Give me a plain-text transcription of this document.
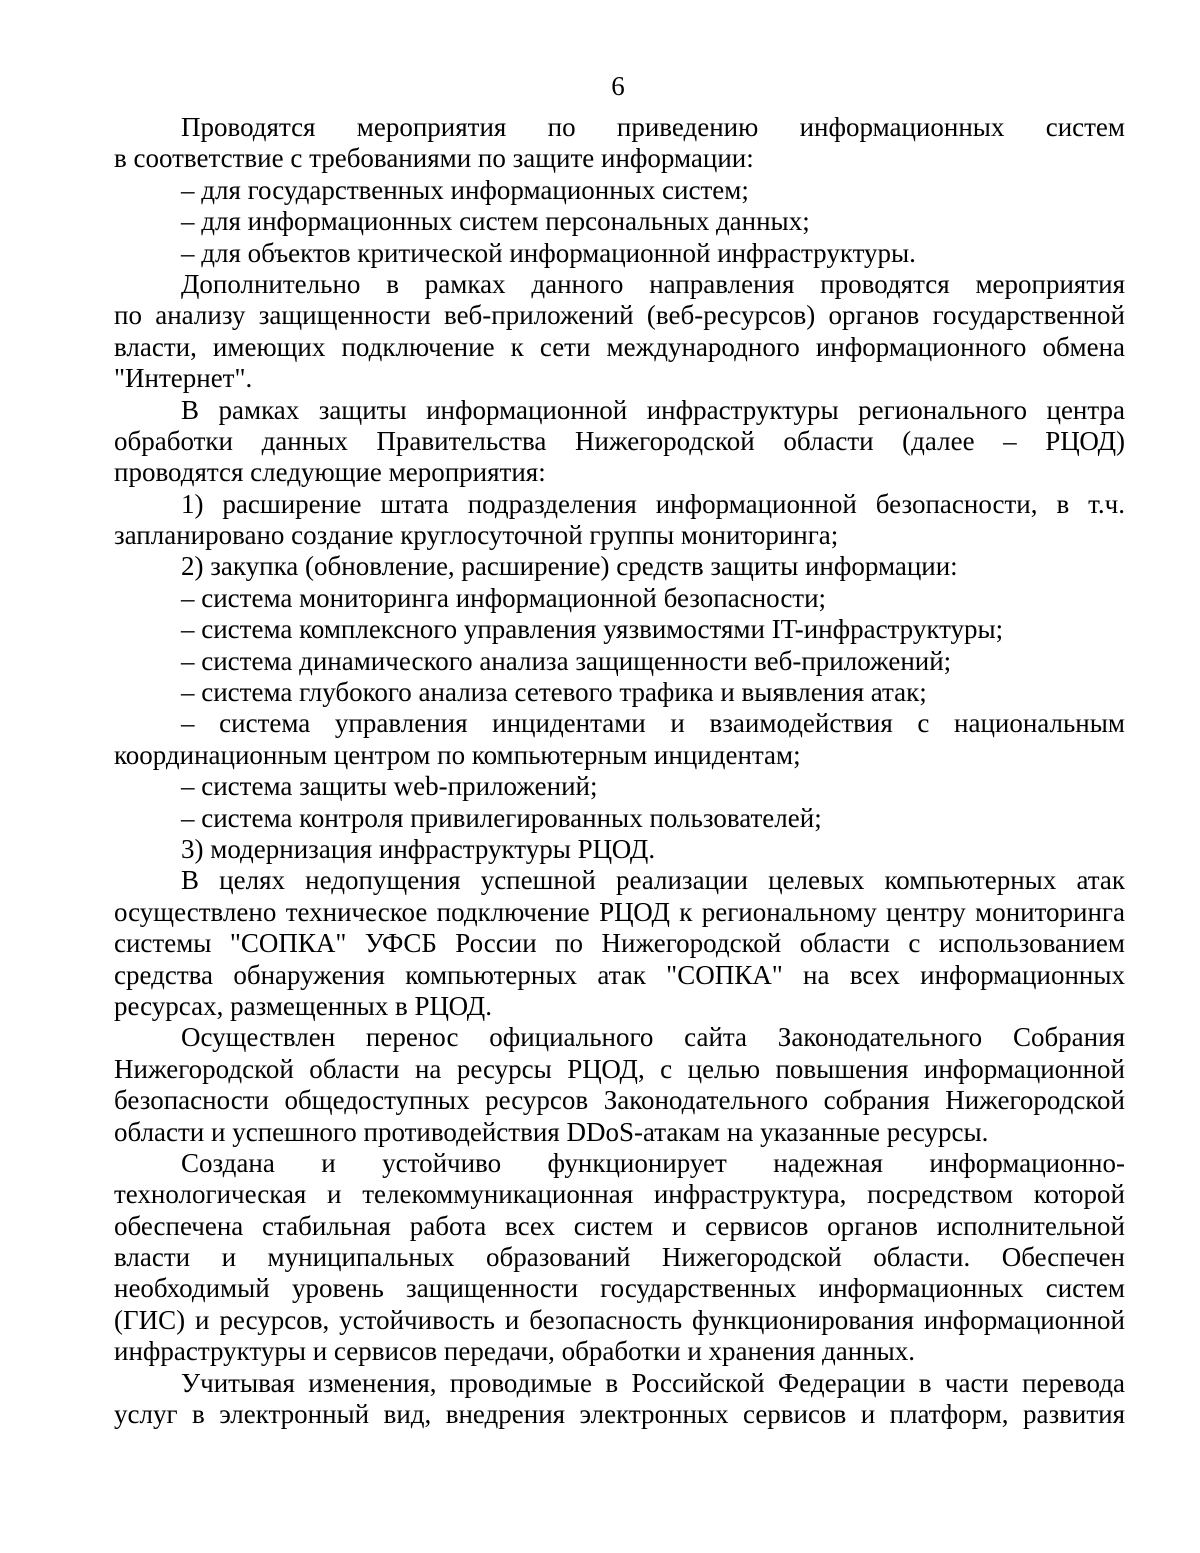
6
Проводятся мероприятия по приведению информационных систем
в соответствие с требованиями по защите информации:
– для государственных информационных систем;
– для информационных систем персональных данных;
– для объектов критической информационной инфраструктуры.
Дополнительно в рамках данного направления проводятся мероприятия
по анализу защищенности веб-приложений (веб-ресурсов) органов государственной
власти, имеющих подключение к сети международного информационного обмена
"Интернет".
В рамках защиты информационной инфраструктуры регионального центра
обработки данных Правительства Нижегородской области (далее – РЦОД)
проводятся следующие мероприятия:
1) расширение штата подразделения информационной безопасности, в т.ч.
запланировано создание круглосуточной группы мониторинга;
2) закупка (обновление, расширение) средств защиты информации:
– система мониторинга информационной безопасности;
– система комплексного управления уязвимостями IT-инфраструктуры;
– система динамического анализа защищенности веб-приложений;
– система глубокого анализа сетевого трафика и выявления атак;
– система управления инцидентами и взаимодействия с национальным
координационным центром по компьютерным инцидентам;
– система защиты web-приложений;
– система контроля привилегированных пользователей;
3) модернизация инфраструктуры РЦОД.
В целях недопущения успешной реализации целевых компьютерных атак
осуществлено техническое подключение РЦОД к региональному центру мониторинга
системы "СОПКА" УФСБ России по Нижегородской области с использованием
средства обнаружения компьютерных атак "СОПКА" на всех информационных
ресурсах, размещенных в РЦОД.
Осуществлен перенос официального сайта Законодательного Собрания
Нижегородской области на ресурсы РЦОД, с целью повышения информационной
безопасности общедоступных ресурсов Законодательного собрания Нижегородской
области и успешного противодействия DDoS-атакам на указанные ресурсы.
Создана и устойчиво функционирует надежная информационно-
технологическая и телекоммуникационная инфраструктура, посредством которой
обеспечена стабильная работа всех систем и сервисов органов исполнительной
власти и муниципальных образований Нижегородской области. Обеспечен
необходимый уровень защищенности государственных информационных систем
(ГИС) и ресурсов, устойчивость и безопасность функционирования информационной
инфраструктуры и сервисов передачи, обработки и хранения данных.
Учитывая изменения, проводимые в Российской Федерации в части перевода
услуг в электронный вид, внедрения электронных сервисов и платформ, развития
